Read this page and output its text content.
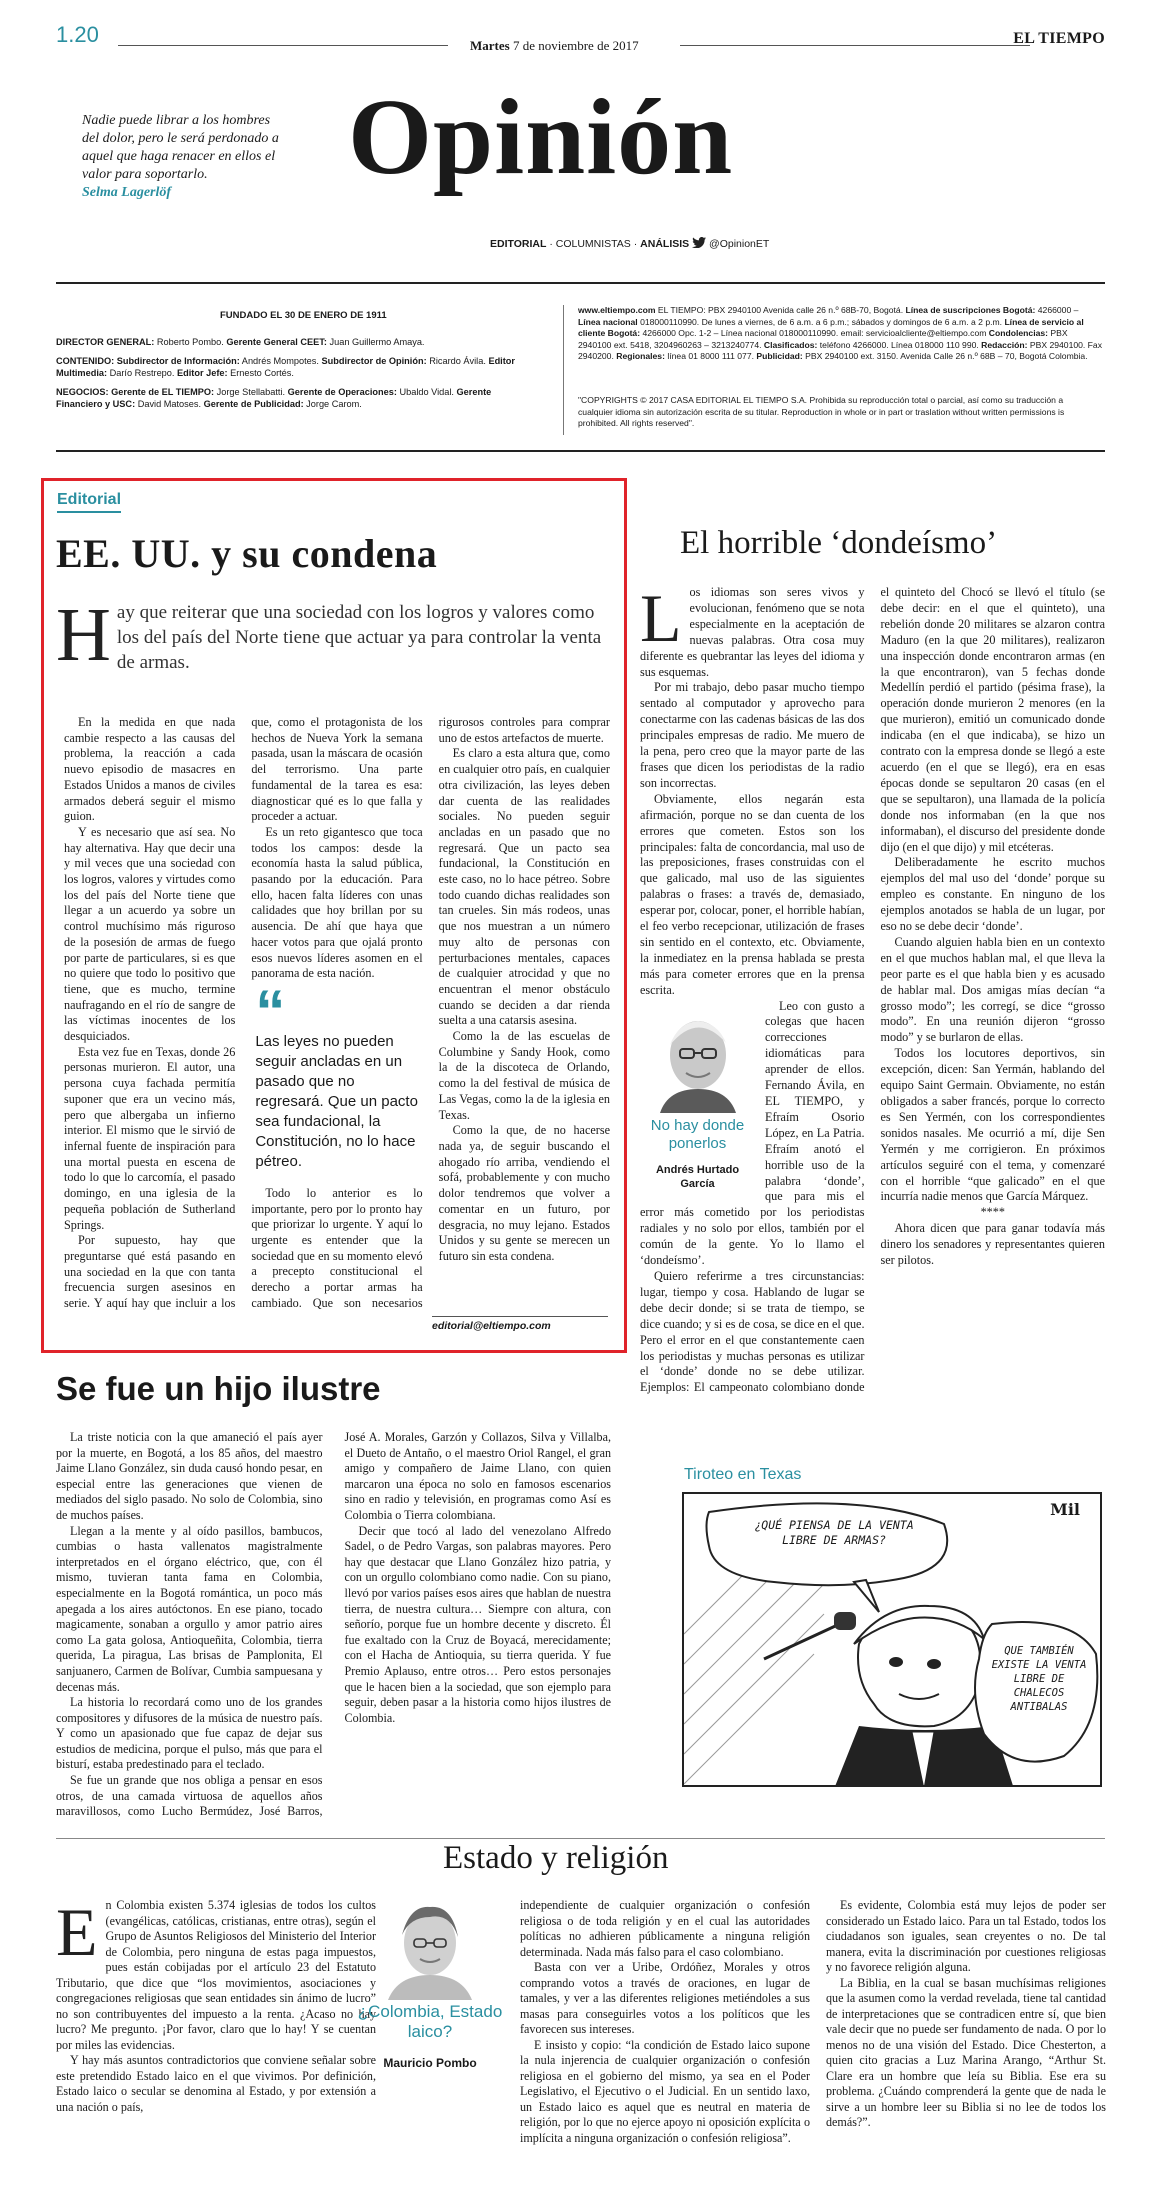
1.20	Martes 7 de noviembre de 2017	EL TIEMPO
Opinión
Nadie puede librar a los hombres del dolor, pero le será perdonado a aquel que haga renacer en ellos el valor para soportarlo.
Selma Lagerlöf
EDITORIAL · COLUMNISTAS · ANÁLISIS @OpinionET
FUNDADO EL 30 DE ENERO DE 1911
DIRECTOR GENERAL: Roberto Pombo. Gerente General CEET: Juan Guillermo Amaya.
CONTENIDO: Subdirector de Información: Andrés Mompotes. Subdirector de Opinión: Ricardo Ávila. Editor Multimedia: Darío Restrepo. Editor Jefe: Ernesto Cortés.
NEGOCIOS: Gerente de EL TIEMPO: Jorge Stellabatti. Gerente de Operaciones: Ubaldo Vidal. Gerente Financiero y USC: David Matoses. Gerente de Publicidad: Jorge Carom.
www.eltiempo.com EL TIEMPO: PBX 2940100 Avenida calle 26 n.º 68B-70, Bogotá. Línea de suscripciones Bogotá: 4266000 – Línea nacional 018000110990. De lunes a viernes, de 6 a.m. a 6 p.m.; sábados y domingos de 6 a.m. a 2 p.m. Línea de servicio al cliente Bogotá: 4266000 Opc. 1-2 – Línea nacional 018000110990. email: servicioalcliente@eltiempo.com Condolencias: PBX 2940100 ext. 5418, 3204960263 – 3213240774. Clasificados: teléfono 4266000. Línea 018000 110 990. Redacción: PBX 2940100. Fax 2940200. Regionales: línea 01 8000 111 077. Publicidad: PBX 2940100 ext. 3150. Avenida Calle 26 n.º 68B – 70, Bogotá Colombia.
"COPYRIGHTS © 2017 CASA EDITORIAL EL TIEMPO S.A. Prohibida su reproducción total o parcial, así como su traducción a cualquier idioma sin autorización escrita de su titular. Reproduction in whole or in part or traslation without written permissions is prohibited. All rights reserved".
Editorial
EE. UU. y su condena
H ay que reiterar que una sociedad con los logros y valores como los del país del Norte tiene que actuar ya para controlar la venta de armas.

En la medida en que nada cambie respecto a las causas del problema, la reacción a cada nuevo episodio de masacres en Estados Unidos a manos de civiles armados deberá seguir el mismo guion.

Y es necesario que así sea. No hay alternativa. Hay que decir una y mil veces que una sociedad con los logros, valores y virtudes como los del país del Norte tiene que llegar a un acuerdo ya sobre un control muchísimo más riguroso de la posesión de armas de fuego por parte de particulares, si es que no quiere que todo lo positivo que tiene, que es mucho, termine naufragando en el río de sangre de las víctimas inocentes de los desquiciados.

Esta vez fue en Texas, donde 26 personas murieron. El autor, una persona cuya fachada permitía suponer que era un vecino más, pero que albergaba un infierno interior. El mismo que le sirvió de infernal fuente de inspiración para una mortal puesta en escena de todo lo que lo carcomía, el pasado domingo, en una iglesia de la pequeña población de Sutherland Springs.

Por supuesto, hay que preguntarse qué está pasando en una sociedad en la que con tanta frecuencia surgen asesinos en serie. Y aquí hay que incluir a los que, como el protagonista de los hechos de Nueva York la semana pasada, usan la máscara de ocasión del terrorismo. Una parte fundamental de la tarea es esa: diagnosticar qué es lo que falla y proceder a actuar.

Es un reto gigantesco que toca todos los campos: desde la economía hasta la salud pública, pasando por la educación. Para ello, hacen falta líderes con unas calidades que hoy brillan por su ausencia. De ahí que haya que hacer votos para que ojalá pronto esos nuevos líderes asomen en el panorama de esta nación.

“
Las leyes no pueden seguir ancladas en un pasado que no regresará. Que un pacto sea fundacional, la Constitución, no lo hace pétreo.

Todo lo anterior es lo importante, pero por lo pronto hay que priorizar lo urgente. Y aquí lo urgente es entender que la sociedad que en su momento elevó a precepto constitucional el derecho a portar armas ha cambiado. Que son necesarios rigurosos controles para comprar uno de estos artefactos de muerte.

Es claro a esta altura que, como en cualquier otro país, en cualquier otra civilización, las leyes deben dar cuenta de las realidades sociales. No pueden seguir ancladas en un pasado que no regresará. Que un pacto sea fundacional, la Constitución en este caso, no lo hace pétreo. Sobre todo cuando dichas realidades son tan crueles. Sin más rodeos, unas que nos muestran a un número muy alto de personas con perturbaciones mentales, capaces de cualquier atrocidad y que no encuentran el menor obstáculo cuando se deciden a dar rienda suelta a una catarsis asesina.

Como la de las escuelas de Columbine y Sandy Hook, como la de la discoteca de Orlando, como la del festival de música de Las Vegas, como la de la iglesia en Texas.

Como la que, de no hacerse nada ya, de seguir buscando el ahogado río arriba, vendiendo el sofá, probablemente y con mucho dolor tendremos que volver a comentar en un futuro, por desgracia, no muy lejano. Estados Unidos y su gente se merecen un futuro sin esta condena.

editorial@eltiempo.com
El horrible ‘dondeísmo’

Los idiomas son seres vivos y evolucionan, fenómeno que se nota especialmente en la aceptación de nuevas palabras. Otra cosa muy diferente es quebrantar las leyes del idioma y sus esquemas.

Por mi trabajo, debo pasar mucho tiempo sentado al computador y aprovecho para conectarme con las cadenas básicas de las dos principales empresas de radio. Me muero de la pena, pero creo que la mayor parte de las frases que dicen los periodistas de la radio son incorrectas.

Obviamente, ellos negarán esta afirmación, porque no se dan cuenta de los errores que cometen. Estos son los principales: falta de concordancia, mal uso de las preposiciones, frases construidas con el que galicado, mal uso de las siguientes palabras o frases: a través de, demasiado, esperar por, colocar, poner, el horrible habían, el feo verbo recepcionar, utilización de frases sin sentido en el contexto, etc. Obviamente, la inmediatez en la prensa hablada se presta más para cometer errores que en la prensa escrita.

No hay donde ponerlos
Andrés Hurtado García

Leo con gusto a colegas que hacen correcciones idiomáticas para aprender de ellos. Fernando Ávila, en EL TIEMPO, y Efraím Osorio López, en La Patria. Efraím anotó el horrible uso de la palabra ‘donde’, que para mis el error más cometido por los periodistas radiales y no solo por ellos, también por el común de la gente. Yo lo llamo el ‘dondeísmo’.

Quiero referirme a tres circunstancias: lugar, tiempo y cosa. Hablando de lugar se debe decir donde; si se trata de tiempo, se dice cuando; y si es de cosa, se dice en el que. Pero el error en el que constantemente caen los periodistas y muchas personas es utilizar el ‘donde’ donde no se debe utilizar. Ejemplos: El campeonato colombiano donde el quinteto del Chocó se llevó el título (se debe decir: en el que el quinteto), una rebelión donde 20 militares se alzaron contra Maduro (en la que 20 militares), realizaron una inspección donde encontraron armas (en la que encontraron), van 5 fechas donde Medellín perdió el partido (pésima frase), la operación donde murieron 2 menores (en la que murieron), emitió un comunicado donde indicaba (en el que indicaba), se hizo un contrato con la empresa donde se llegó a este acuerdo (en el que se llegó), era en esas épocas donde se sepultaron 20 casas (en el que se sepultaron), una llamada de la policía donde nos informaban (en la que nos informaban), el discurso del presidente donde dijo (en el que dijo) y mil etcéteras.

Deliberadamente he escrito muchos ejemplos del mal uso del ‘donde’ porque su empleo es constante. En ninguno de los ejemplos anotados se habla de un lugar, por eso no se debe decir ‘donde’.

Cuando alguien habla bien en un contexto en el que muchos hablan mal, el que lleva la peor parte es el que habla bien y es acusado de hablar mal. Dos amigas mías decían “a grosso modo”; les corregí, se dice “grosso modo”. En una reunión dijeron “grosso modo” y se burlaron de ellas.

Todos los locutores deportivos, sin excepción, dicen: San Yermán, hablando del equipo Saint Germain. Obviamente, no están obligados a saber francés, porque lo correcto es Sen Yermén, con los correspondientes sonidos nasales. Me ocurrió a mí, dije Sen Yermén y me corrigieron. En próximos artículos seguiré con el tema, y comenzaré con el horrible “que galicado” en el que incurría nadie menos que García Márquez.

****

Ahora dicen que para ganar todavía más dinero los senadores y representantes quieren ser pilotos.

Se fue un hijo ilustre

La triste noticia con la que amaneció el país ayer por la muerte, en Bogotá, a los 85 años, del maestro Jaime Llano González, sin duda causó hondo pesar, en especial entre las generaciones que vienen de mediados del siglo pasado. No solo de Colombia, sino de muchos países.

Llegan a la mente y al oído pasillos, bambucos, cumbias o hasta vallenatos magistralmente interpretados en el órgano eléctrico, que, con él mismo, tuvieran tanta fama en Colombia, especialmente en la Bogotá romántica, un poco más apegada a los aires autóctonos. En ese piano, tocado magicamente, sonaban a orgullo y amor patrio aires como La gata golosa, Antioqueñita, Colombia, tierra querida, La piragua, Las brisas de Pamplonita, El sanjuanero, Carmen de Bolívar, Cumbia sampuesana y decenas más.

La historia lo recordará como uno de los grandes compositores y difusores de la música de nuestro país. Y como un apasionado que fue capaz de dejar sus estudios de medicina, porque el pulso, más que para el bisturí, estaba predestinado para el teclado.

Se fue un grande que nos obliga a pensar en esos otros, de una camada virtuosa de aquellos años maravillosos, como Lucho Bermúdez, José Barros, José A. Morales, Garzón y Collazos, Silva y Villalba, el Dueto de Antaño, o el maestro Oriol Rangel, el gran amigo y compañero de Jaime Llano, con quien marcaron una época no solo en famosos escenarios sino en radio y televisión, en programas como Así es Colombia o Tierra colombiana.

Decir que tocó al lado del venezolano Alfredo Sadel, o de Pedro Vargas, son palabras mayores. Pero hay que destacar que Llano González hizo patria, y con un orgullo colombiano como nadie. Con su piano, llevó por varios países esos aires que hablan de nuestra tierra, de nuestra cultura… Siempre con altura, con señorío, porque fue un hombre decente y discreto. Él fue exaltado con la Cruz de Boyacá, merecidamente; con el Hacha de Antioquia, su tierra querida. Y fue Premio Aplauso, entre otros… Pero estos personajes que le hacen bien a la sociedad, que son ejemplo para seguir, deben pasar a la historia como hijos ilustres de Colombia.

Tiroteo en Texas
¿QUÉ PIENSA DE LA VENTA LIBRE DE ARMAS?
QUE TAMBIÉN EXISTE LA VENTA LIBRE DE CHALECOS ANTIBALAS
Mil
Estado y religión

En Colombia existen 5.374 iglesias de todos los cultos (evangélicas, católicas, cristianas, entre otras), según el Grupo de Asuntos Religiosos del Ministerio del Interior de Colombia, pero ninguna de estas paga impuestos, pues están cobijadas por el artículo 23 del Estatuto Tributario, que dice que “los movimientos, asociaciones y congregaciones religiosas que sean entidades sin ánimo de lucro” no son contribuyentes del impuesto a la renta. ¿Acaso no hay lucro? Me pregunto. ¡Por favor, claro que lo hay! Y se cuentan por miles las evidencias.

Y hay más asuntos contradictorios que conviene señalar sobre este pretendido Estado laico en el que vivimos. Por definición, Estado laico o secular se denomina al Estado, y por extensión a una nación o país,

¿Colombia, Estado laico?
Mauricio Pombo

independiente de cualquier organización o confesión religiosa o de toda religión y en el cual las autoridades políticas no adhieren públicamente a ninguna religión determinada. Nada más falso para el caso colombiano.

Basta con ver a Uribe, Ordóñez, Morales y otros comprando votos a través de oraciones, en lugar de tamales, y ver a las diferentes religiones metiéndoles a sus masas para conseguirles votos a los políticos que les favorecen sus intereses.

E insisto y copio: “la condición de Estado laico supone la nula injerencia de cualquier organización o confesión religiosa en el gobierno del mismo, ya sea en el Poder Legislativo, el Ejecutivo o el Judicial. En un sentido laxo, un Estado laico es aquel que es neutral en materia de religión, por lo que no ejerce apoyo ni oposición explícita o implícita a ninguna organización o confesión religiosa”.

Es evidente, Colombia está muy lejos de poder ser considerado un Estado laico. Para un tal Estado, todos los ciudadanos son iguales, sean creyentes o no. De tal manera, evita la discriminación por cuestiones religiosas y no favorece religión alguna.

La Biblia, en la cual se basan muchísimas religiones que la asumen como la verdad revelada, tiene tal cantidad de interpretaciones que se contradicen entre sí, que bien vale decir que no puede ser fundamento de nada. O por lo menos no de una visión del Estado. Dice Chesterton, a quien cito gracias a Luz Marina Arango, “Arthur St. Clare era un hombre que leía su Biblia. Ese era su problema. ¿Cuándo comprenderá la gente que de nada le sirve a un hombre leer su Biblia si no lee de todos los demás?”.
